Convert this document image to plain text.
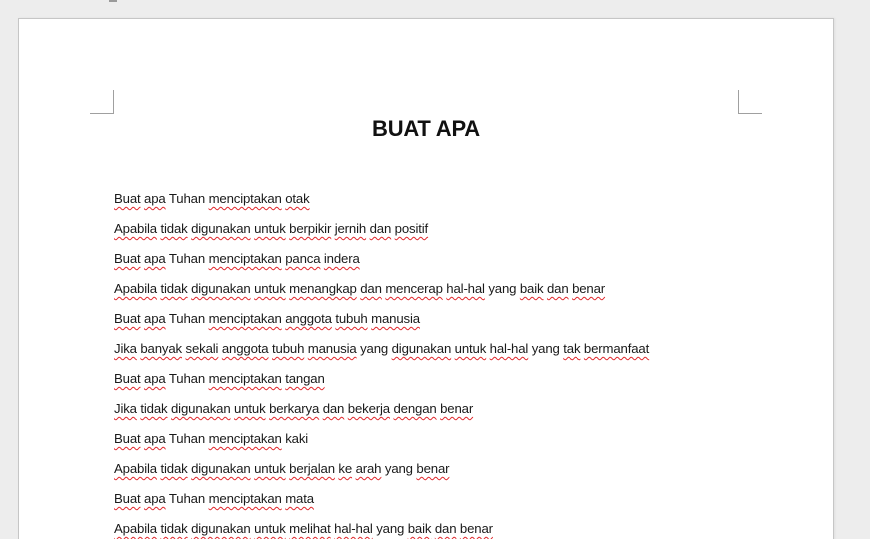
BUAT APA
Buat apa Tuhan menciptakan otak
Apabila tidak digunakan untuk berpikir jernih dan positif
Buat apa Tuhan menciptakan panca indera
Apabila tidak digunakan untuk menangkap dan mencerap hal-hal yang baik dan benar
Buat apa Tuhan menciptakan anggota tubuh manusia
Jika banyak sekali anggota tubuh manusia yang digunakan untuk hal-hal yang tak bermanfaat
Buat apa Tuhan menciptakan tangan
Jika tidak digunakan untuk berkarya dan bekerja dengan benar
Buat apa Tuhan menciptakan kaki
Apabila tidak digunakan untuk berjalan ke arah yang benar
Buat apa Tuhan menciptakan mata
Apabila tidak digunakan untuk melihat hal-hal yang baik dan benar
